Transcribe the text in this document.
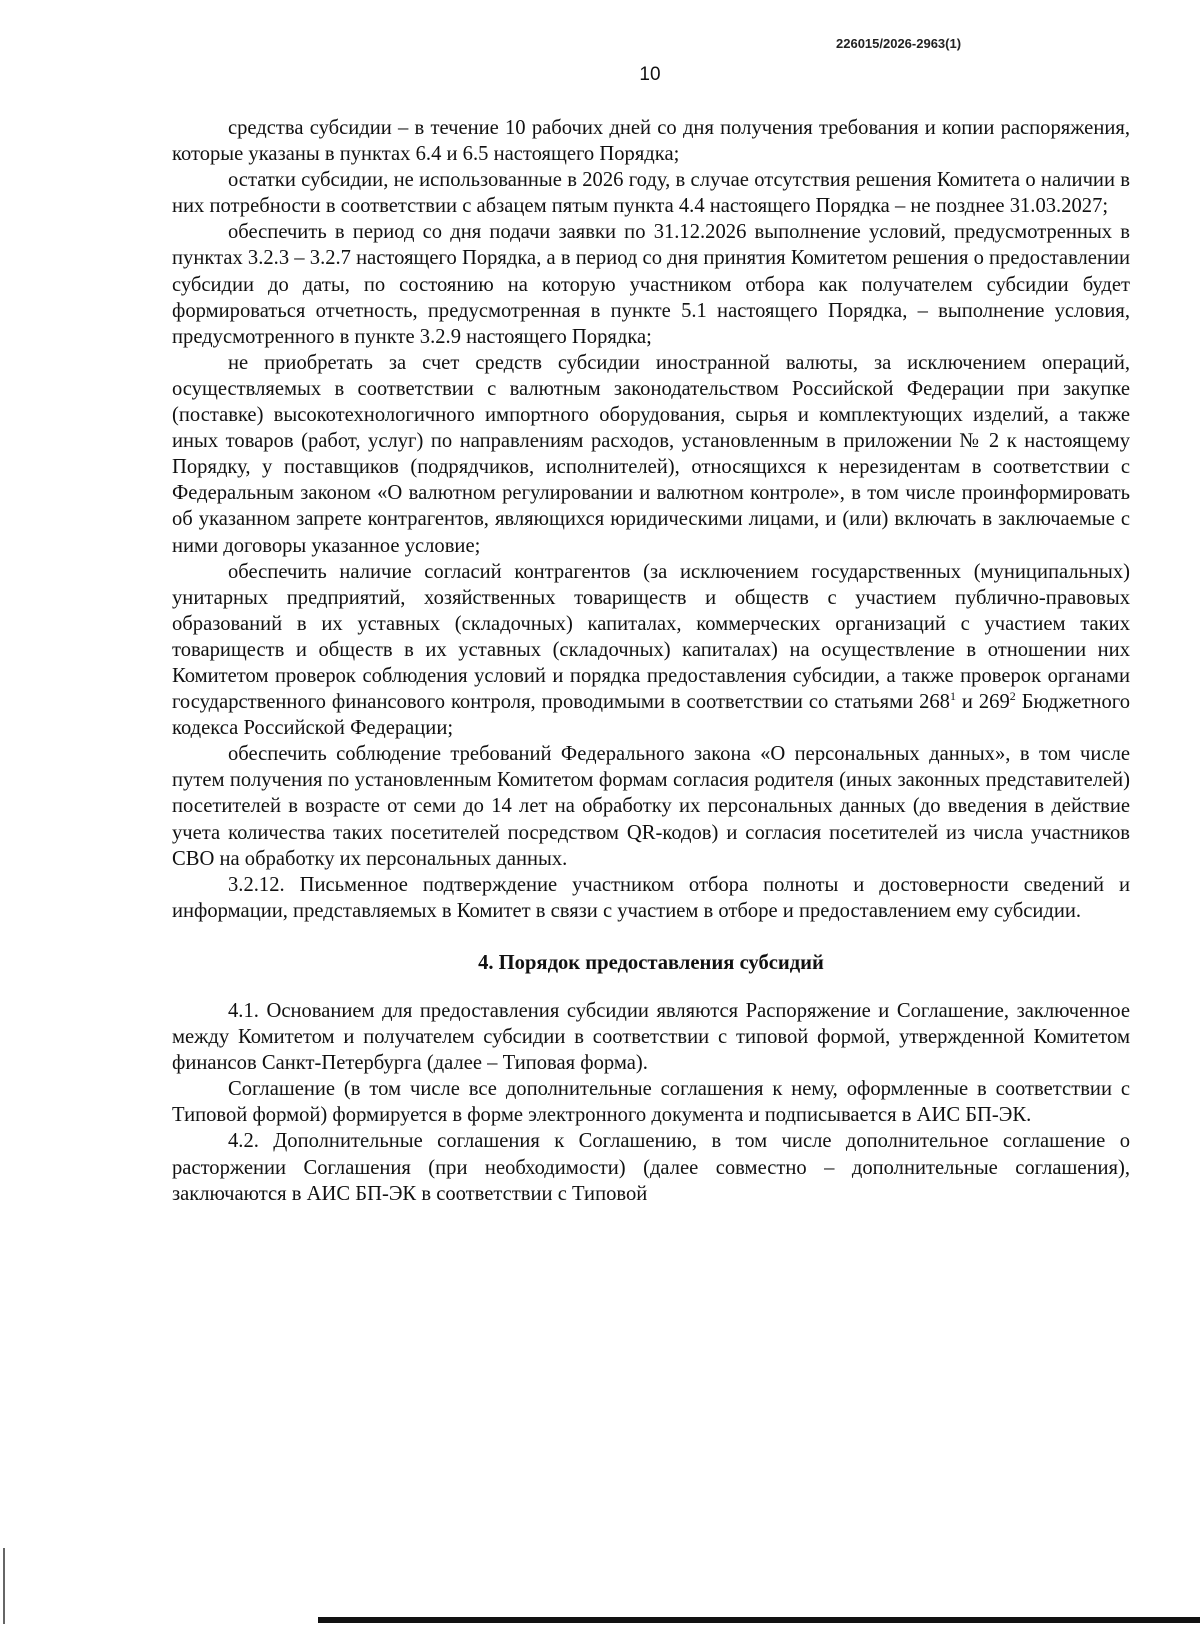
226015/2026-2963(1)
10

средства субсидии – в течение 10 рабочих дней со дня получения требования и копии распоряжения, которые указаны в пунктах 6.4 и 6.5 настоящего Порядка;

остатки субсидии, не использованные в 2026 году, в случае отсутствия решения Комитета о наличии в них потребности в соответствии с абзацем пятым пункта 4.4 настоящего Порядка – не позднее 31.03.2027;

обеспечить в период со дня подачи заявки по 31.12.2026 выполнение условий, предусмотренных в пунктах 3.2.3 – 3.2.7 настоящего Порядка, а в период со дня принятия Комитетом решения о предоставлении субсидии до даты, по состоянию на которую участником отбора как получателем субсидии будет формироваться отчетность, предусмотренная в пункте 5.1 настоящего Порядка, – выполнение условия, предусмотренного в пункте 3.2.9 настоящего Порядка;

не приобретать за счет средств субсидии иностранной валюты, за исключением операций, осуществляемых в соответствии с валютным законодательством Российской Федерации при закупке (поставке) высокотехнологичного импортного оборудования, сырья и комплектующих изделий, а также иных товаров (работ, услуг) по направлениям расходов, установленным в приложении № 2 к настоящему Порядку, у поставщиков (подрядчиков, исполнителей), относящихся к нерезидентам в соответствии с Федеральным законом «О валютном регулировании и валютном контроле», в том числе проинформировать об указанном запрете контрагентов, являющихся юридическими лицами, и (или) включать в заключаемые с ними договоры указанное условие;

обеспечить наличие согласий контрагентов (за исключением государственных (муниципальных) унитарных предприятий, хозяйственных товариществ и обществ с участием публично-правовых образований в их уставных (складочных) капиталах, коммерческих организаций с участием таких товариществ и обществ в их уставных (складочных) капиталах) на осуществление в отношении них Комитетом проверок соблюдения условий и порядка предоставления субсидии, а также проверок органами государственного финансового контроля, проводимыми в соответствии со статьями $268^1$ и $269^2$ Бюджетного кодекса Российской Федерации;

обеспечить соблюдение требований Федерального закона «О персональных данных», в том числе путем получения по установленным Комитетом формам согласия родителя (иных законных представителей) посетителей в возрасте от семи до 14 лет на обработку их персональных данных (до введения в действие учета количества таких посетителей посредством QR-кодов) и согласия посетителей из числа участников СВО на обработку их персональных данных.

3.2.12. Письменное подтверждение участником отбора полноты и достоверности сведений и информации, представляемых в Комитет в связи с участием в отборе и предоставлением ему субсидии.

4. Порядок предоставления субсидий

4.1. Основанием для предоставления субсидии являются Распоряжение и Соглашение, заключенное между Комитетом и получателем субсидии в соответствии с типовой формой, утвержденной Комитетом финансов Санкт-Петербурга (далее – Типовая форма).

Соглашение (в том числе все дополнительные соглашения к нему, оформленные в соответствии с Типовой формой) формируется в форме электронного документа и подписывается в АИС БП-ЭК.

4.2. Дополнительные соглашения к Соглашению, в том числе дополнительное соглашение о расторжении Соглашения (при необходимости) (далее совместно – дополнительные соглашения), заключаются в АИС БП-ЭК в соответствии с Типовой
